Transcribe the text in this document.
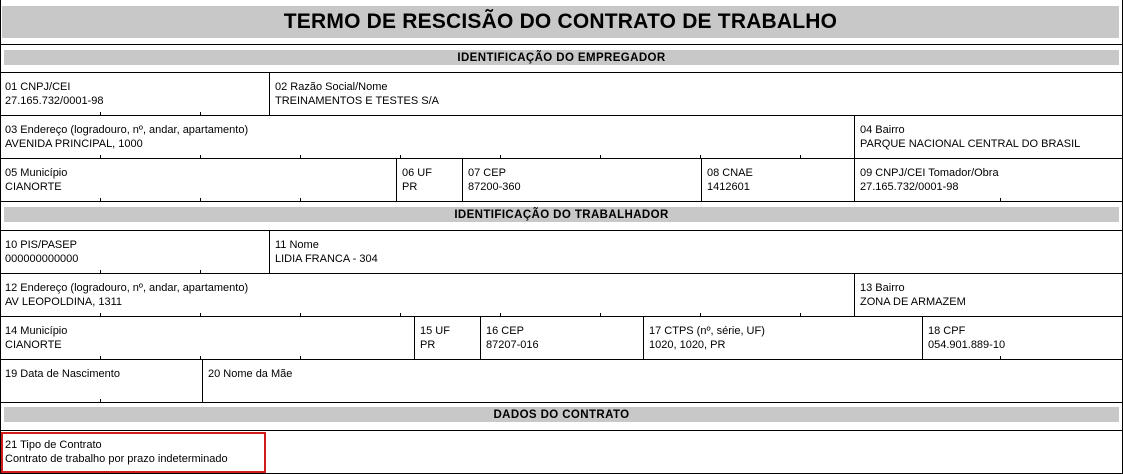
TERMO DE RESCISÃO DO CONTRATO DE TRABALHO
IDENTIFICAÇÃO DO EMPREGADOR
01 CNPJ/CEI
27.165.732/0001-98
02 Razão Social/Nome
TREINAMENTOS E TESTES S/A
03 Endereço (logradouro, nº, andar, apartamento)
AVENIDA PRINCIPAL, 1000
04 Bairro
PARQUE NACIONAL CENTRAL DO BRASIL
05 Município
CIANORTE
06 UF
PR
07 CEP
87200-360
08 CNAE
1412601
09 CNPJ/CEI Tomador/Obra
27.165.732/0001-98
IDENTIFICAÇÃO DO TRABALHADOR
10 PIS/PASEP
000000000000
11 Nome
LIDIA FRANCA - 304
12 Endereço (logradouro, nº, andar, apartamento)
AV LEOPOLDINA, 1311
13 Bairro
ZONA DE ARMAZEM
14 Município
CIANORTE
15 UF
PR
16 CEP
87207-016
17 CTPS (nº, série, UF)
1020, 1020, PR
18 CPF
054.901.889-10
19 Data de Nascimento	20 Nome da Mãe
DADOS DO CONTRATO
21 Tipo de Contrato
Contrato de trabalho por prazo indeterminado
